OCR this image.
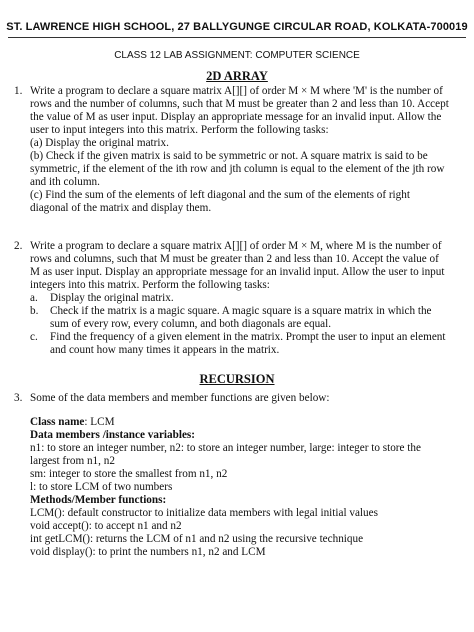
ST. LAWRENCE HIGH SCHOOL, 27 BALLYGUNGE CIRCULAR ROAD, KOLKATA-700019
CLASS 12 LAB ASSIGNMENT: COMPUTER SCIENCE
2D ARRAY
1. Write a program to declare a square matrix A[][] of order M × M where 'M' is the number of rows and the number of columns, such that M must be greater than 2 and less than 10. Accept the value of M as user input. Display an appropriate message for an invalid input. Allow the user to input integers into this matrix. Perform the following tasks:

(a) Display the original matrix.

(b) Check if the given matrix is said to be symmetric or not. A square matrix is said to be symmetric, if the element of the ith row and jth column is equal to the element of the jth row and ith column.

(c) Find the sum of the elements of left diagonal and the sum of the elements of right diagonal of the matrix and display them.

2. Write a program to declare a square matrix A[][] of order M × M, where M is the number of rows and columns, such that M must be greater than 2 and less than 10. Accept the value of M as user input. Display an appropriate message for an invalid input. Allow the user to input integers into this matrix. Perform the following tasks:

a. Display the original matrix.
b. Check if the matrix is a magic square. A magic square is a square matrix in which the sum of every row, every column, and both diagonals are equal.
c. Find the frequency of a given element in the matrix. Prompt the user to input an element and count how many times it appears in the matrix.
RECURSION
3. Some of the data members and member functions are given below:

Class name: LCM

Data members /instance variables:

n1: to store an integer number, n2: to store an integer number, large: integer to store the largest from n1, n2

sm: integer to store the smallest from n1, n2

l: to store LCM of two numbers

Methods/Member functions:

LCM(): default constructor to initialize data members with legal initial values

void accept(): to accept n1 and n2

int getLCM(): returns the LCM of n1 and n2 using the recursive technique

void display(): to print the numbers n1, n2 and LCM
